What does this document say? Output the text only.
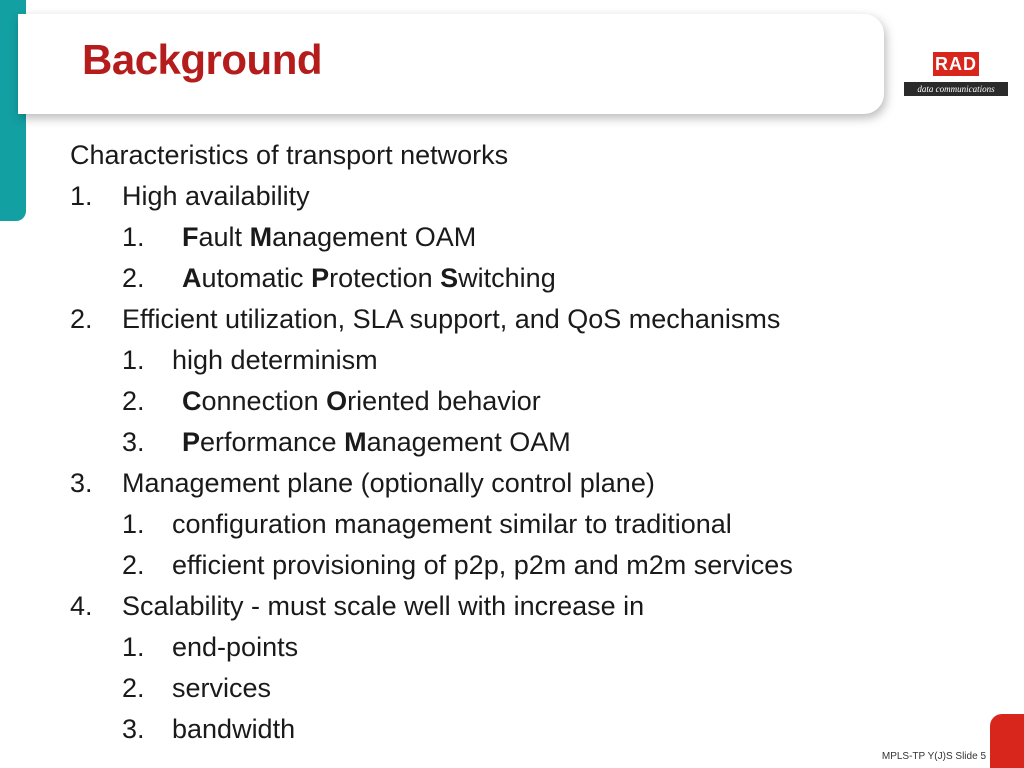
Background	RAD
data communications
Characteristics of transport networks
1. High availability
1. Fault Management OAM
2. Automatic Protection Switching
2. Efficient utilization, SLA support, and QoS mechanisms
1. high determinism
2. Connection Oriented behavior
3. Performance Management OAM
3. Management plane (optionally control plane)
1. configuration management similar to traditional
2. efficient provisioning of p2p, p2m and m2m services
4. Scalability - must scale well with increase in
1. end-points
2. services
3. bandwidth
MPLS-TP Y(J)S Slide 5
